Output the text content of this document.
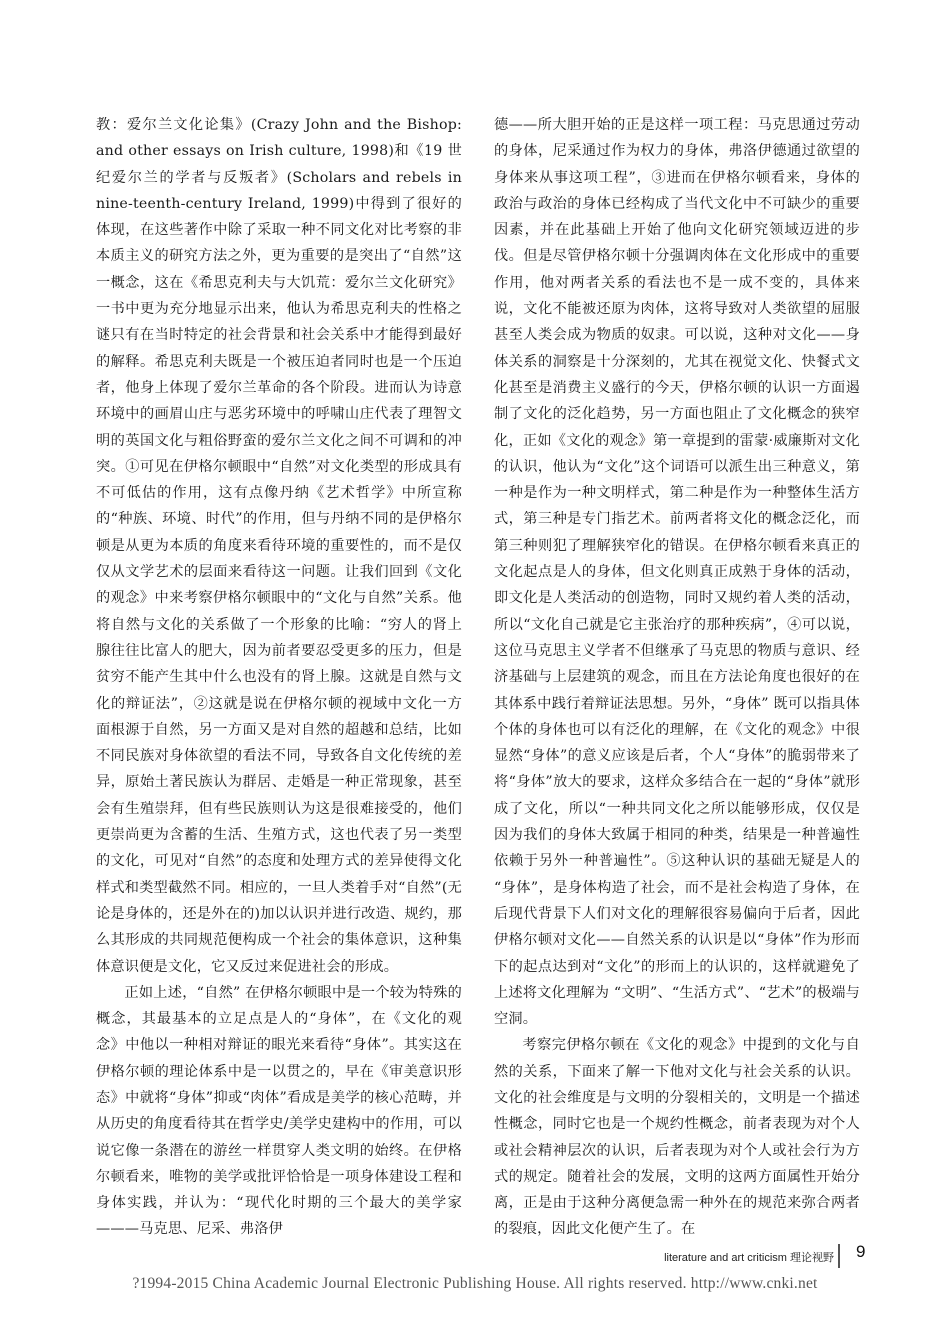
教：爱尔兰文化论集》(Crazy John and the Bishop: and other essays on Irish culture, 1998)和《19 世纪爱尔兰的学者与反叛者》(Scholars and rebels in nine-teenth-century Ireland, 1999)中得到了很好的体现，在这些著作中除了采取一种不同文化对比考察的非本质主义的研究方法之外，更为重要的是突出了“自然”这一概念，这在《希思克利夫与大饥荒：爱尔兰文化研究》一书中更为充分地显示出来，他认为希思克利夫的性格之谜只有在当时特定的社会背景和社会关系中才能得到最好的解释。希思克利夫既是一个被压迫者同时也是一个压迫者，他身上体现了爱尔兰革命的各个阶段。进而认为诗意环境中的画眉山庄与恶劣环境中的呼啸山庄代表了理智文明的英国文化与粗俗野蛮的爱尔兰文化之间不可调和的冲突。①可见在伊格尔顿眼中“自然”对文化类型的形成具有不可低估的作用，这有点像丹纳《艺术哲学》中所宣称的“种族、环境、时代”的作用，但与丹纳不同的是伊格尔顿是从更为本质的角度来看待环境的重要性的，而不是仅仅从文学艺术的层面来看待这一问题。让我们回到《文化的观念》中来考察伊格尔顿眼中的“文化与自然”关系。他将自然与文化的关系做了一个形象的比喻：“穷人的肾上腺往往比富人的肥大，因为前者要忍受更多的压力，但是贫穷不能产生其中什么也没有的肾上腺。这就是自然与文化的辩证法”，②这就是说在伊格尔顿的视域中文化一方面根源于自然，另一方面又是对自然的超越和总结，比如不同民族对身体欲望的看法不同，导致各自文化传统的差异，原始土著民族认为群居、走婚是一种正常现象，甚至会有生殖崇拜，但有些民族则认为这是很难接受的，他们更崇尚更为含蓄的生活、生殖方式，这也代表了另一类型的文化，可见对“自然”的态度和处理方式的差异使得文化样式和类型截然不同。相应的，一旦人类着手对“自然”(无论是身体的，还是外在的)加以认识并进行改造、规约，那么其形成的共同规范便构成一个社会的集体意识，这种集体意识便是文化，它又反过来促进社会的形成。

正如上述，“自然” 在伊格尔顿眼中是一个较为特殊的概念，其最基本的立足点是人的“身体”，在《文化的观念》中他以一种相对辩证的眼光来看待“身体”。其实这在伊格尔顿的理论体系中是一以贯之的，早在《审美意识形态》中就将“身体”抑或“肉体”看成是美学的核心范畴，并从历史的角度看待其在哲学史/美学史建构中的作用，可以说它像一条潜在的游丝一样贯穿人类文明的始终。在伊格尔顿看来，唯物的美学或批评恰恰是一项身体建设工程和身体实践，并认为：“现代化时期的三个最大的美学家———马克思、尼采、弗洛伊

德——所大胆开始的正是这样一项工程：马克思通过劳动的身体，尼采通过作为权力的身体，弗洛伊德通过欲望的身体来从事这项工程”，③进而在伊格尔顿看来，身体的政治与政治的身体已经构成了当代文化中不可缺少的重要因素，并在此基础上开始了他向文化研究领域迈进的步伐。但是尽管伊格尔顿十分强调肉体在文化形成中的重要作用，他对两者关系的看法也不是一成不变的，具体来说，文化不能被还原为肉体，这将导致对人类欲望的屈服甚至人类会成为物质的奴隶。可以说，这种对文化——身体关系的洞察是十分深刻的，尤其在视觉文化、快餐式文化甚至是消费主义盛行的今天，伊格尔顿的认识一方面遏制了文化的泛化趋势，另一方面也阻止了文化概念的狭窄化，正如《文化的观念》第一章提到的雷蒙·威廉斯对文化的认识，他认为“文化”这个词语可以派生出三种意义，第一种是作为一种文明样式，第二种是作为一种整体生活方式，第三种是专门指艺术。前两者将文化的概念泛化，而第三种则犯了理解狭窄化的错误。在伊格尔顿看来真正的文化起点是人的身体，但文化则真正成熟于身体的活动，即文化是人类活动的创造物，同时又规约着人类的活动，所以“文化自己就是它主张治疗的那种疾病”，④可以说，这位马克思主义学者不但继承了马克思的物质与意识、经济基础与上层建筑的观念，而且在方法论角度也很好的在其体系中践行着辩证法思想。另外，“身体” 既可以指具体个体的身体也可以有泛化的理解，在《文化的观念》中很显然“身体”的意义应该是后者，个人“身体”的脆弱带来了将“身体”放大的要求，这样众多结合在一起的“身体”就形成了文化，所以“一种共同文化之所以能够形成，仅仅是因为我们的身体大致属于相同的种类，结果是一种普遍性依赖于另外一种普遍性”。⑤这种认识的基础无疑是人的 “身体”，是身体构造了社会，而不是社会构造了身体，在后现代背景下人们对文化的理解很容易偏向于后者，因此伊格尔顿对文化——自然关系的认识是以“身体”作为形而下的起点达到对“文化”的形而上的认识的，这样就避免了上述将文化理解为 “文明”、“生活方式”、“艺术”的极端与空洞。

考察完伊格尔顿在《文化的观念》中提到的文化与自然的关系，下面来了解一下他对文化与社会关系的认识。文化的社会维度是与文明的分裂相关的，文明是一个描述性概念，同时它也是一个规约性概念，前者表现为对个人或社会精神层次的认识，后者表现为对个人或社会行为方式的规定。随着社会的发展，文明的这两方面属性开始分离，正是由于这种分离便急需一种外在的规范来弥合两者的裂痕，因此文化便产生了。在

literature and art criticism 理论视野 9
?1994-2015 China Academic Journal Electronic Publishing House. All rights reserved. http://www.cnki.net
